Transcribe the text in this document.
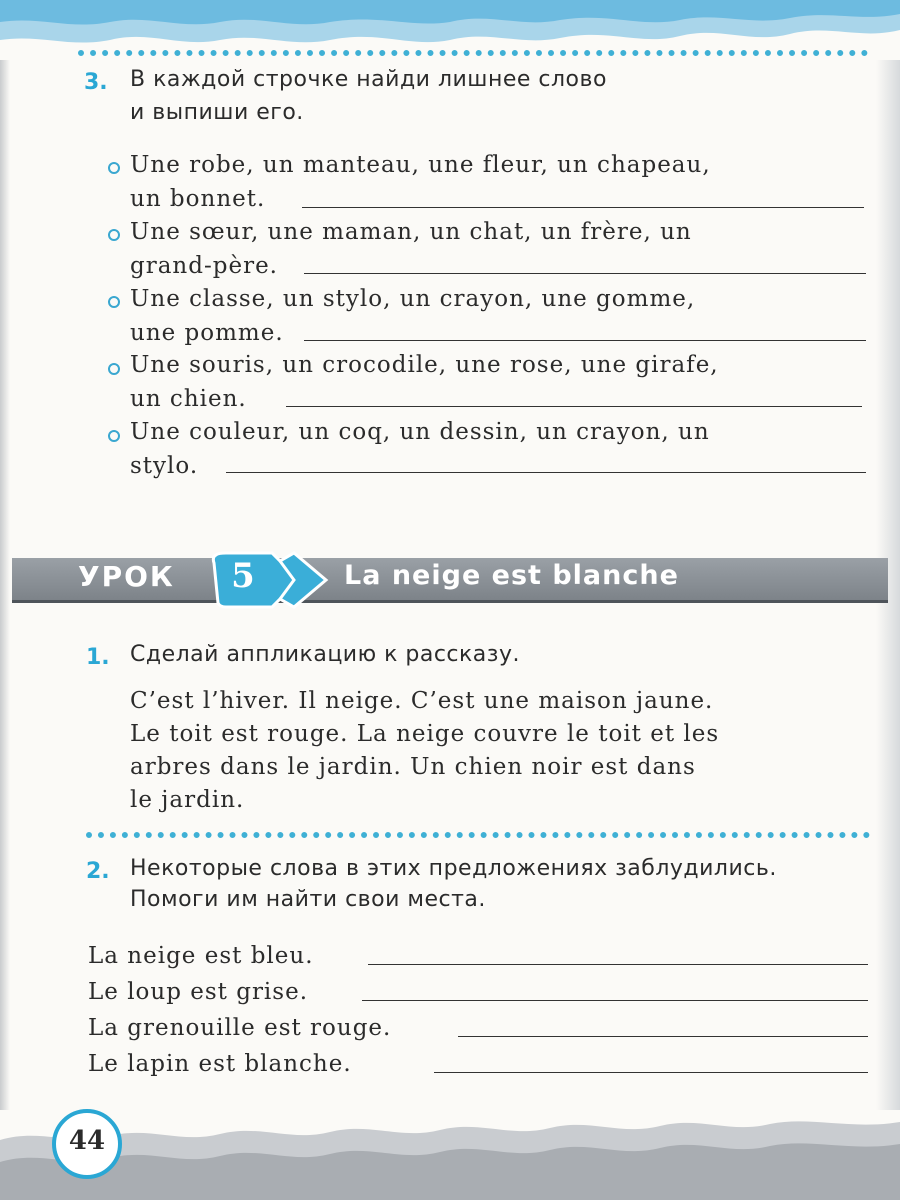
3. В каждой строчке найди лишнее слово
и выпиши его.
Une robe, un manteau, une fleur, un chapeau,
un bonnet.
Une sœur, une maman, un chat, un frère, un
grand-père.
Une classe, un stylo, un crayon, une gomme,
une pomme.
Une souris, un crocodile, une rose, une girafe,
un chien.
Une couleur, un coq, un dessin, un crayon, un
stylo.
УРОК 5	La neige est blanche
1. Сделай аппликацию к рассказу.
C’est l’hiver. Il neige. C’est une maison jaune.
Le toit est rouge. La neige couvre le toit et les
arbres dans le jardin. Un chien noir est dans
le jardin.
2. Некоторые слова в этих предложениях заблудились.
Помоги им найти свои места.
La neige est bleu.
Le loup est grise.
La grenouille est rouge.
Le lapin est blanche.
44
